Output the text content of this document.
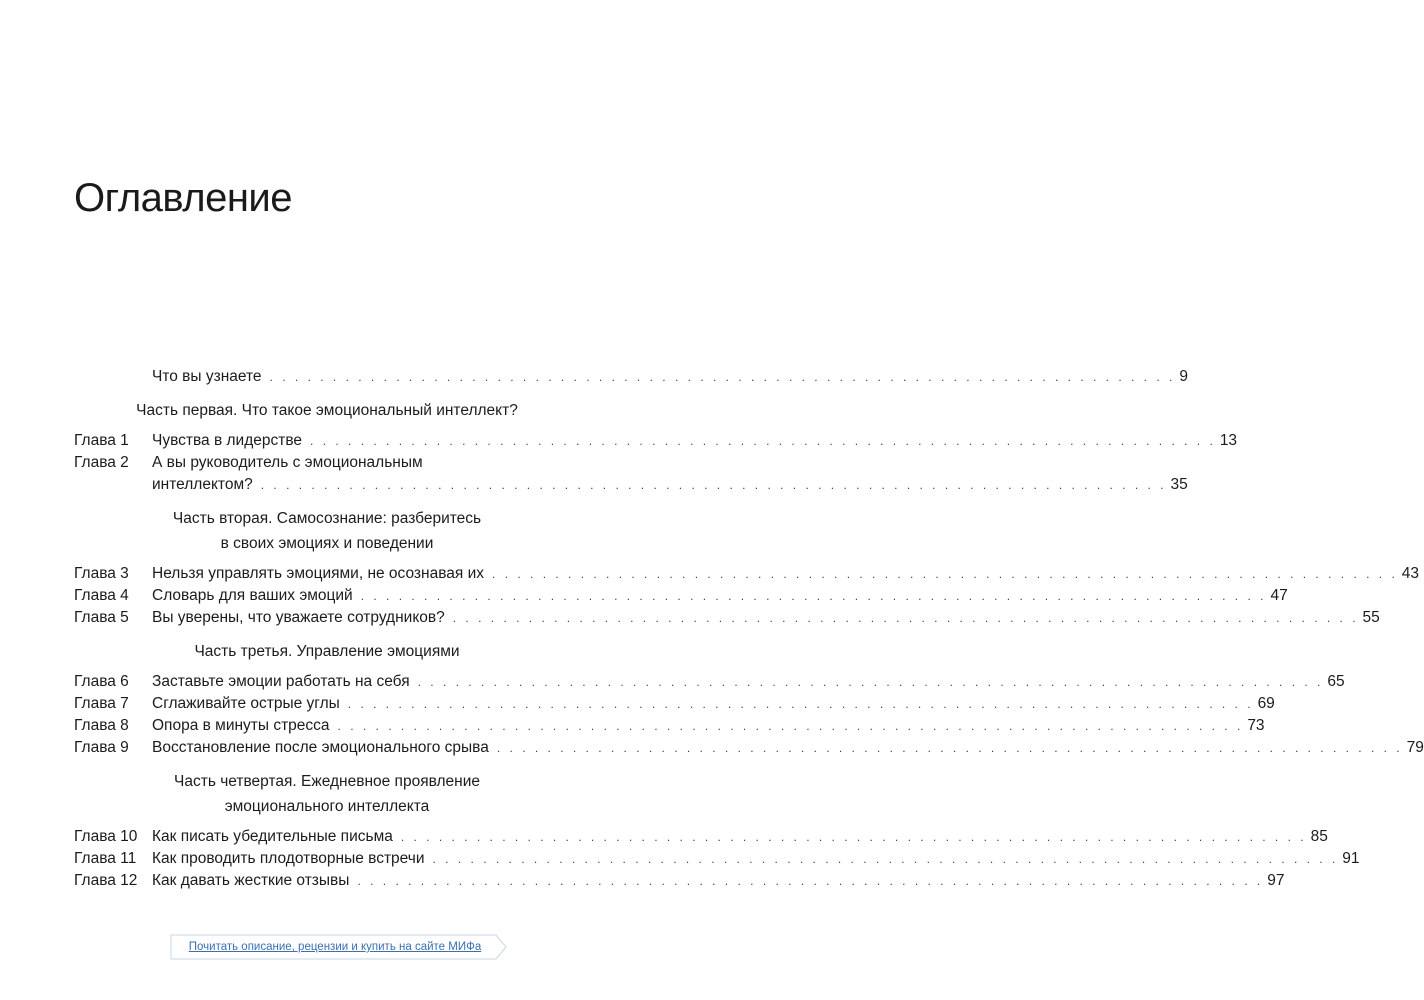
Оглавление
Что вы узнаете . . . . . . . . . . . . . . . . . . . . . . . . . . . . . . . . . . . . . . . . . . . . . . . . . . . . . . . . . . . . . . . . . . . . . . . . 9
Часть первая. Что такое эмоциональный интеллект?
Глава 1 Чувства в лидерстве . . . . . . . . . . . . . . . . . . . . . . . . . . . . . . . . . . . . . . . . . . . . . . . . . . . . . . . . . . . . . . . . . . . . . . . . 13
Глава 2 А вы руководитель с эмоциональным
интеллектом? . . . . . . . . . . . . . . . . . . . . . . . . . . . . . . . . . . . . . . . . . . . . . . . . . . . . . . . . . . . . . . . . . . . . . . . . 35
Часть вторая. Самосознание: разберитесь
в своих эмоциях и поведении
Глава 3 Нельзя управлять эмоциями, не осознавая их . . . . . . . . . . . . . . . . . . . . . . . . . . . . . . . . . . . . . . . . . . . . . . . . . . . . . . . . . . . . . . . . . . . . . . . . 43
Глава 4 Словарь для ваших эмоций . . . . . . . . . . . . . . . . . . . . . . . . . . . . . . . . . . . . . . . . . . . . . . . . . . . . . . . . . . . . . . . . . . . . . . . . 47
Глава 5 Вы уверены, что уважаете сотрудников? . . . . . . . . . . . . . . . . . . . . . . . . . . . . . . . . . . . . . . . . . . . . . . . . . . . . . . . . . . . . . . . . . . . . . . . . 55
Часть третья. Управление эмоциями
Глава 6 Заставьте эмоции работать на себя . . . . . . . . . . . . . . . . . . . . . . . . . . . . . . . . . . . . . . . . . . . . . . . . . . . . . . . . . . . . . . . . . . . . . . . . 65
Глава 7 Сглаживайте острые углы . . . . . . . . . . . . . . . . . . . . . . . . . . . . . . . . . . . . . . . . . . . . . . . . . . . . . . . . . . . . . . . . . . . . . . . . 69
Глава 8 Опора в минуты стресса . . . . . . . . . . . . . . . . . . . . . . . . . . . . . . . . . . . . . . . . . . . . . . . . . . . . . . . . . . . . . . . . . . . . . . . . 73
Глава 9 Восстановление после эмоционального срыва . . . . . . . . . . . . . . . . . . . . . . . . . . . . . . . . . . . . . . . . . . . . . . . . . . . . . . . . . . . . . . . . . . . . . . . . 79
Часть четвертая. Ежедневное проявление
эмоционального интеллекта
Глава 10 Как писать убедительные письма . . . . . . . . . . . . . . . . . . . . . . . . . . . . . . . . . . . . . . . . . . . . . . . . . . . . . . . . . . . . . . . . . . . . . . . . 85
Глава 11 Как проводить плодотворные встречи . . . . . . . . . . . . . . . . . . . . . . . . . . . . . . . . . . . . . . . . . . . . . . . . . . . . . . . . . . . . . . . . . . . . . . . . 91
Глава 12 Как давать жесткие отзывы . . . . . . . . . . . . . . . . . . . . . . . . . . . . . . . . . . . . . . . . . . . . . . . . . . . . . . . . . . . . . . . . . . . . . . . . 97
Почитать описание, рецензии и купить на сайте МИФа
